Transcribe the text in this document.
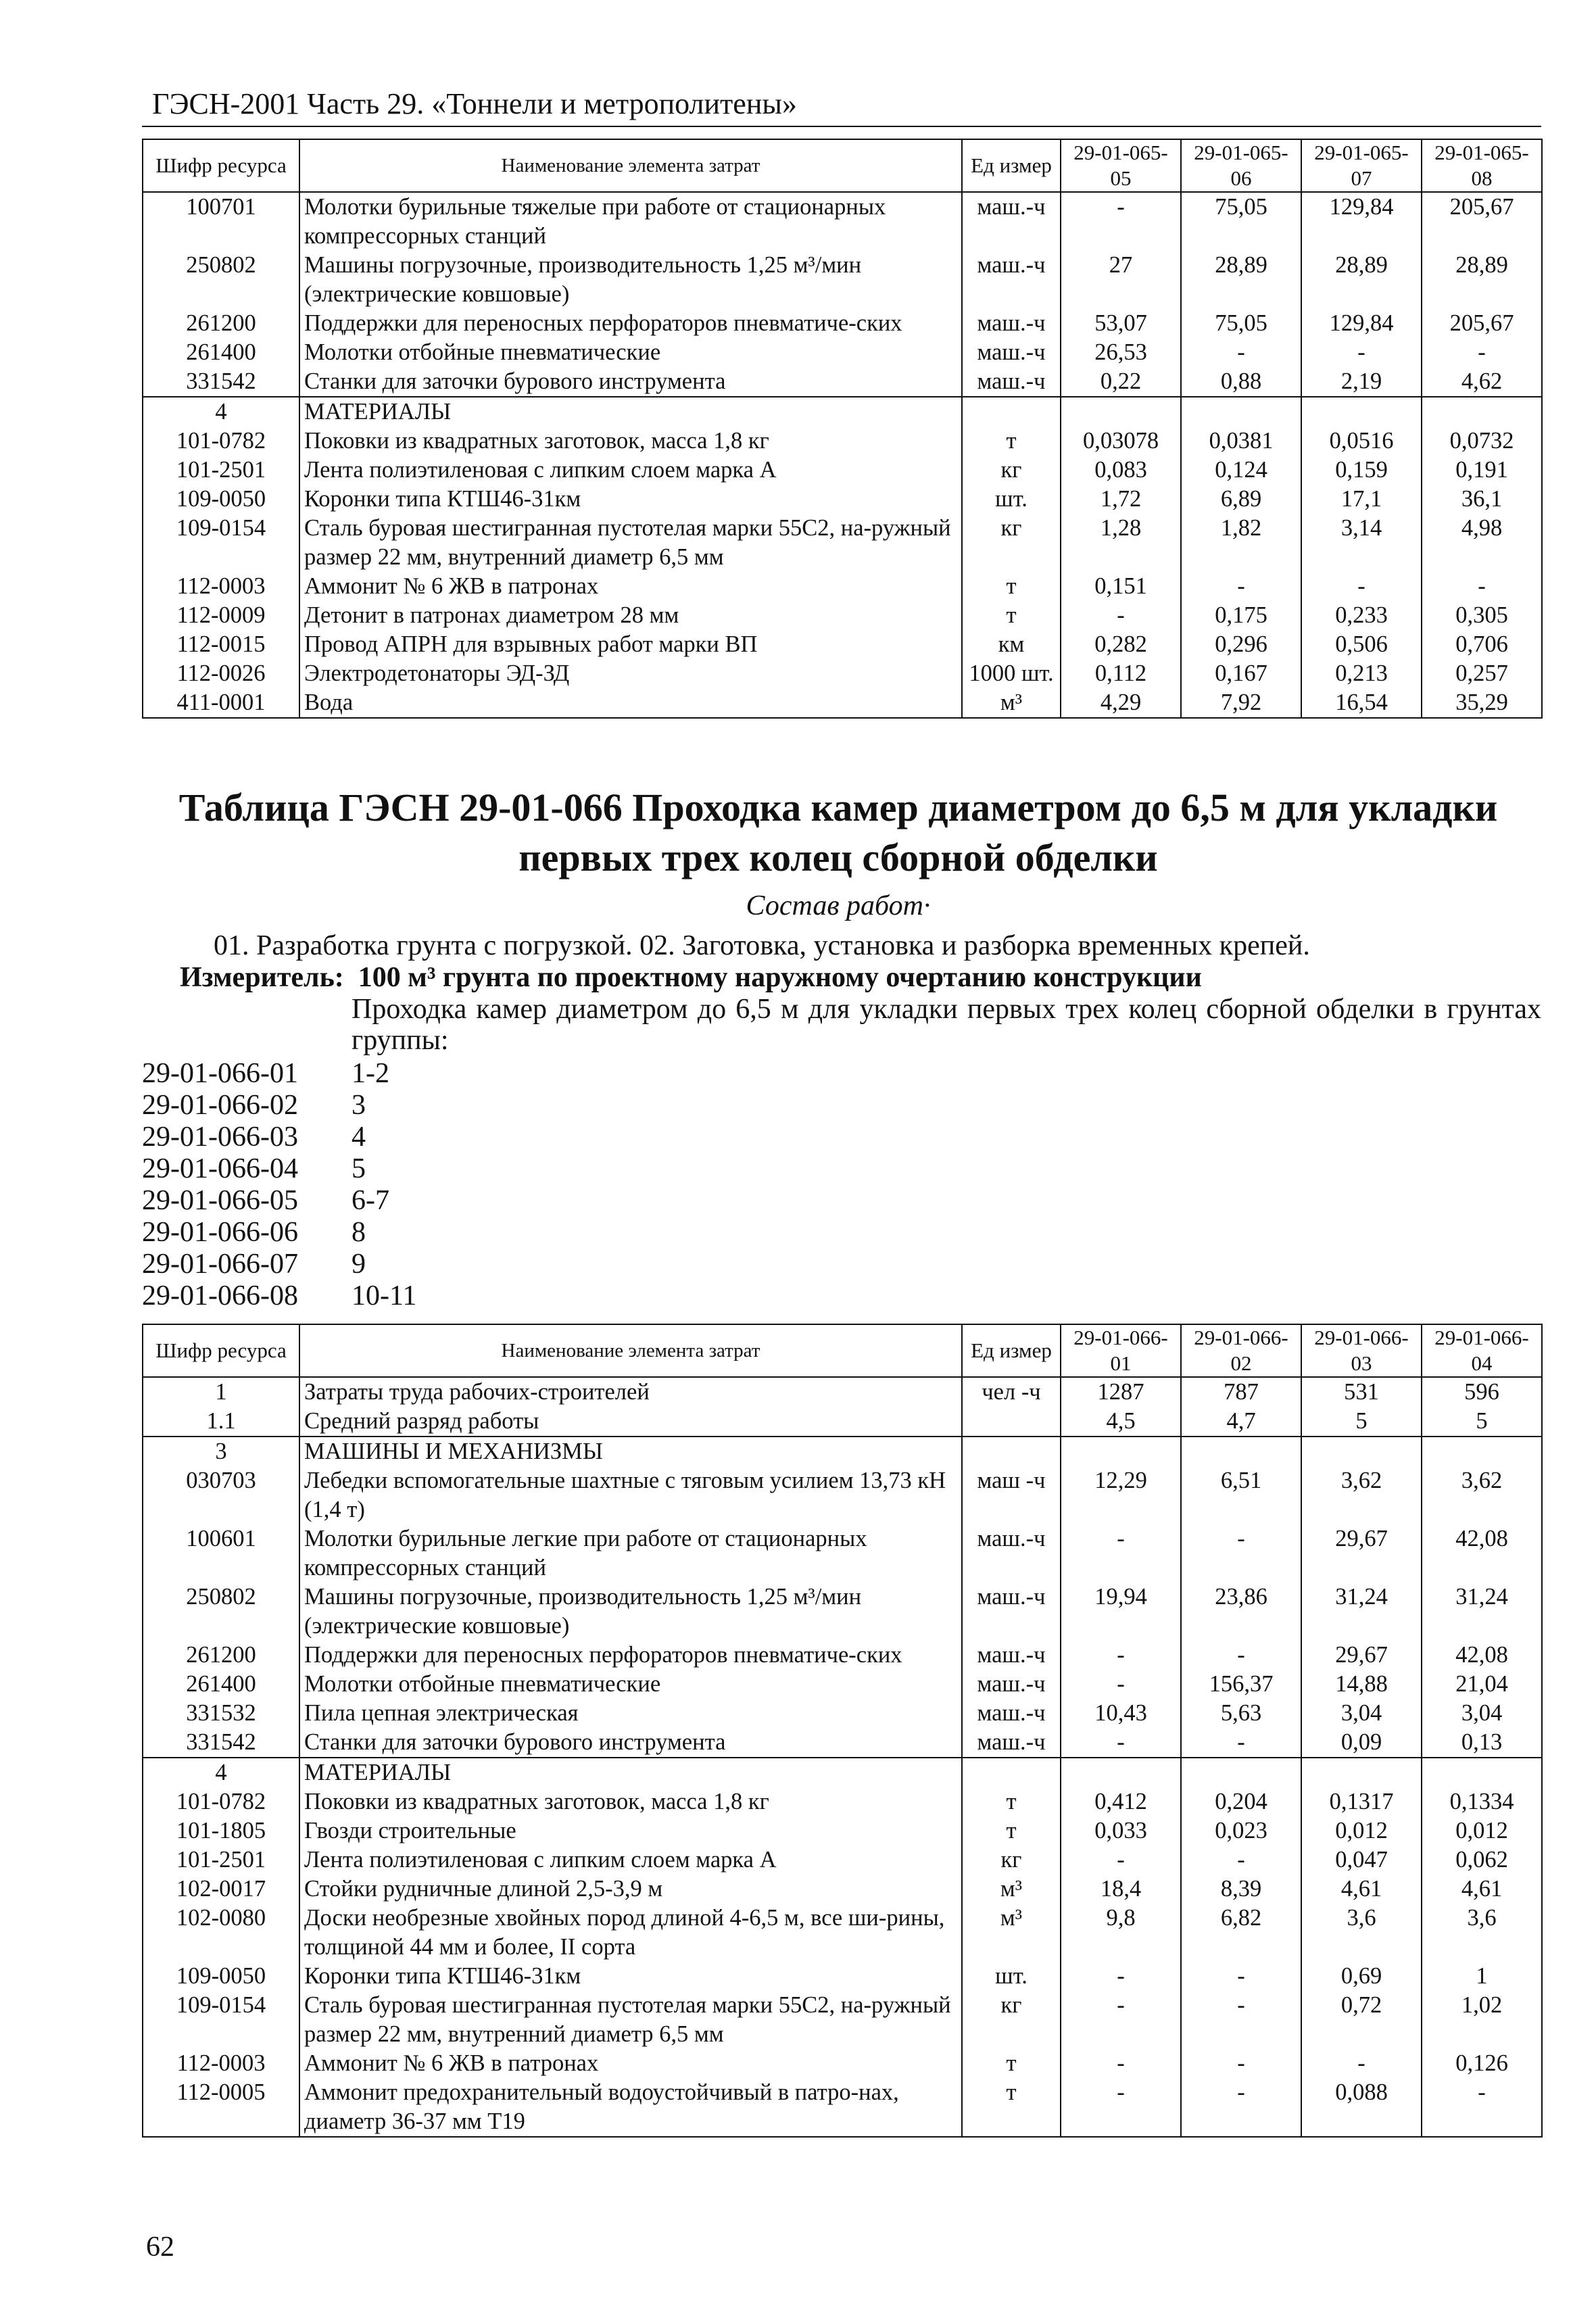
ГЭСН-2001 Часть 29. «Тоннели и метрополитены»
Шифр ресурса	Наименование элемента затрат	Ед измер	29-01-065-05	29-01-065-06	29-01-065-07	29-01-065-08
100701	Молотки бурильные тяжелые при работе от стационарных компрессорных станций	маш.-ч	-	75,05	129,84	205,67
250802	Машины погрузочные, производительность 1,25 м³/мин (электрические ковшовые)	маш.-ч	27	28,89	28,89	28,89
261200	Поддержки для переносных перфораторов пневматиче-ских	маш.-ч	53,07	75,05	129,84	205,67
261400	Молотки отбойные пневматические	маш.-ч	26,53	-	-	-
331542	Станки для заточки бурового инструмента	маш.-ч	0,22	0,88	2,19	4,62
4	МАТЕРИАЛЫ					
101-0782	Поковки из квадратных заготовок, масса 1,8 кг	т	0,03078	0,0381	0,0516	0,0732
101-2501	Лента полиэтиленовая с липким слоем марка А	кг	0,083	0,124	0,159	0,191
109-0050	Коронки типа КТШ46-31км	шт.	1,72	6,89	17,1	36,1
109-0154	Сталь буровая шестигранная пустотелая марки 55С2, на-ружный размер 22 мм, внутренний диаметр 6,5 мм	кг	1,28	1,82	3,14	4,98
112-0003	Аммонит № 6 ЖВ в патронах	т	0,151	-	-	-
112-0009	Детонит в патронах диаметром 28 мм	т	-	0,175	0,233	0,305
112-0015	Провод АПРН для взрывных работ марки ВП	км	0,282	0,296	0,506	0,706
112-0026	Электродетонаторы ЭД-ЗД	1000 шт.	0,112	0,167	0,213	0,257
411-0001	Вода	м³	4,29	7,92	16,54	35,29
Таблица ГЭСН 29-01-066 Проходка камер диаметром до 6,5 м для укладки первых трех колец сборной обделки
Состав работ·
01. Разработка грунта с погрузкой. 02. Заготовка, установка и разборка временных крепей.
Измеритель: 100 м³ грунта по проектному наружному очертанию конструкции
Проходка камер диаметром до 6,5 м для укладки первых трех колец сборной обделки в грунтах группы:
29-01-066-01	1-2
29-01-066-02	3
29-01-066-03	4
29-01-066-04	5
29-01-066-05	6-7
29-01-066-06	8
29-01-066-07	9
29-01-066-08	10-11
Шифр ресурса	Наименование элемента затрат	Ед измер	29-01-066-01	29-01-066-02	29-01-066-03	29-01-066-04
1	Затраты труда рабочих-строителей	чел -ч	1287	787	531	596
1.1	Средний разряд работы		4,5	4,7	5	5
3	МАШИНЫ И МЕХАНИЗМЫ					
030703	Лебедки вспомогательные шахтные с тяговым усилием 13,73 кН (1,4 т)	маш -ч	12,29	6,51	3,62	3,62
100601	Молотки бурильные легкие при работе от стационарных компрессорных станций	маш.-ч	-	-	29,67	42,08
250802	Машины погрузочные, производительность 1,25 м³/мин (электрические ковшовые)	маш.-ч	19,94	23,86	31,24	31,24
261200	Поддержки для переносных перфораторов пневматиче-ских	маш.-ч	-	-	29,67	42,08
261400	Молотки отбойные пневматические	маш.-ч	-	156,37	14,88	21,04
331532	Пила цепная электрическая	маш.-ч	10,43	5,63	3,04	3,04
331542	Станки для заточки бурового инструмента	маш.-ч	-	-	0,09	0,13
4	МАТЕРИАЛЫ					
101-0782	Поковки из квадратных заготовок, масса 1,8 кг	т	0,412	0,204	0,1317	0,1334
101-1805	Гвозди строительные	т	0,033	0,023	0,012	0,012
101-2501	Лента полиэтиленовая с липким слоем марка А	кг	-	-	0,047	0,062
102-0017	Стойки рудничные длиной 2,5-3,9 м	м³	18,4	8,39	4,61	4,61
102-0080	Доски необрезные хвойных пород длиной 4-6,5 м, все ши-рины, толщиной 44 мм и более, II сорта	м³	9,8	6,82	3,6	3,6
109-0050	Коронки типа КТШ46-31км	шт.	-	-	0,69	1
109-0154	Сталь буровая шестигранная пустотелая марки 55С2, на-ружный размер 22 мм, внутренний диаметр 6,5 мм	кг	-	-	0,72	1,02
112-0003	Аммонит № 6 ЖВ в патронах	т	-	-	-	0,126
112-0005	Аммонит предохранительный водоустойчивый в патро-нах, диаметр 36-37 мм Т19	т	-	-	0,088	-
62
